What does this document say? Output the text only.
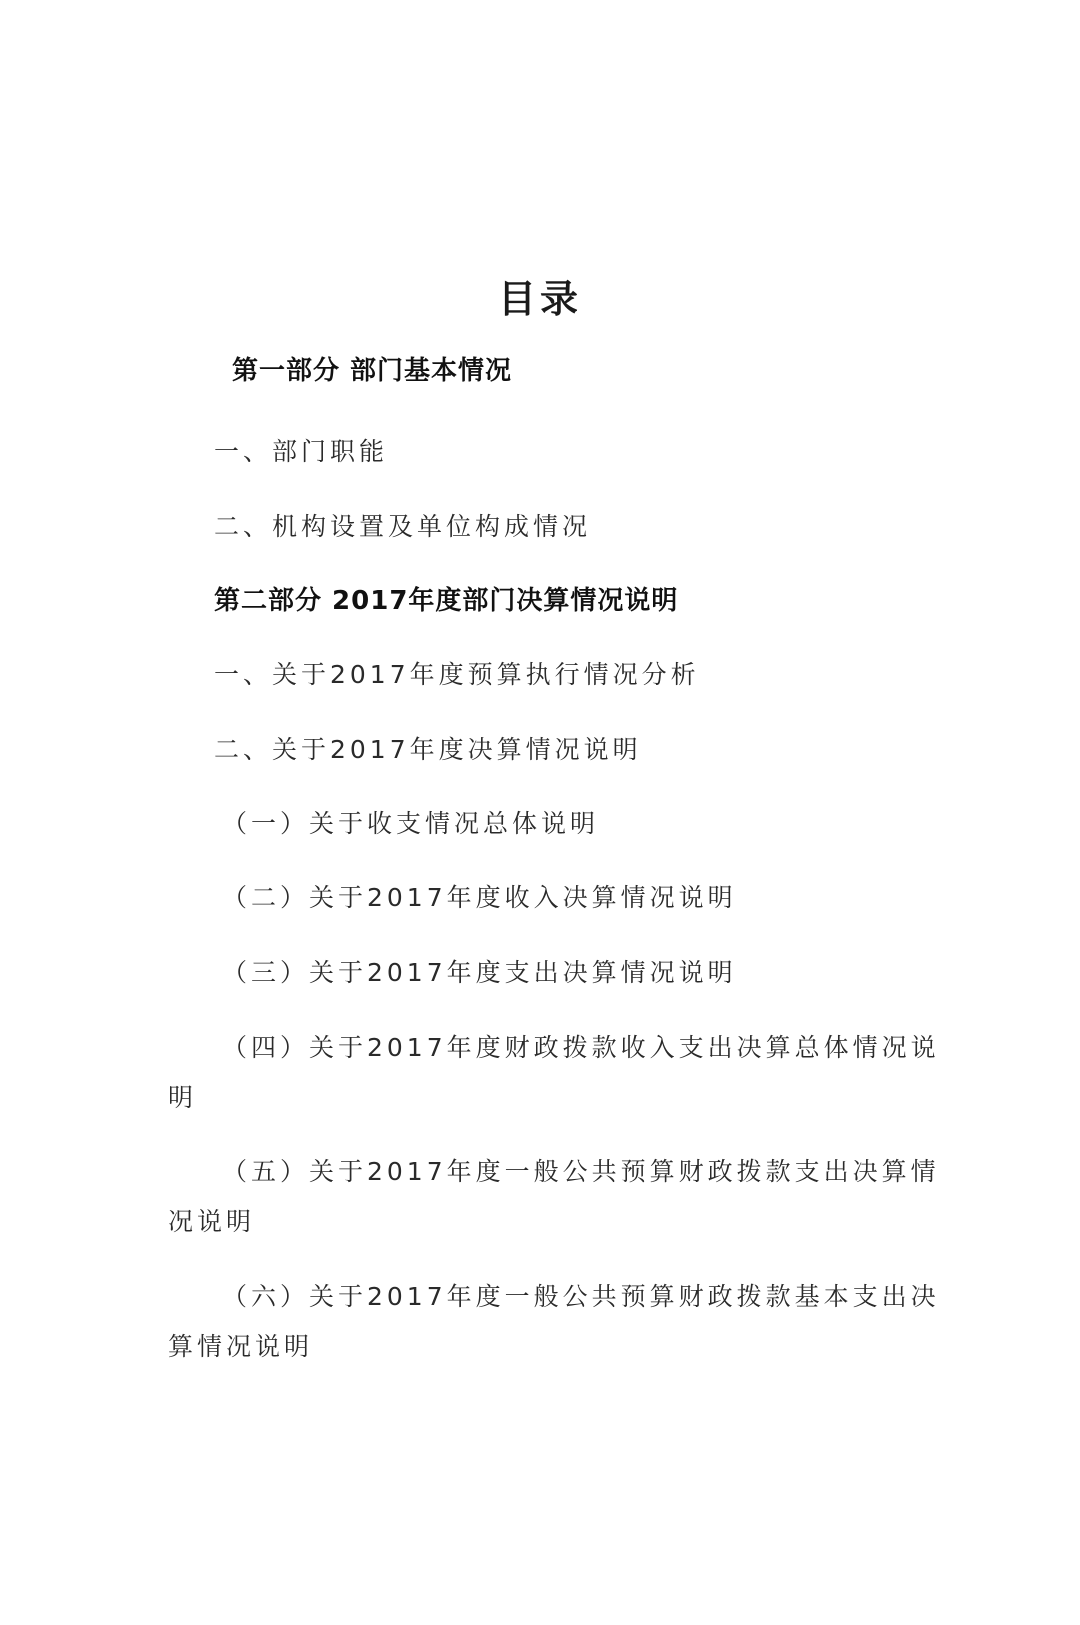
目录
第一部分 部门基本情况
一、部门职能
二、机构设置及单位构成情况
第二部分 2017年度部门决算情况说明
一、关于2017年度预算执行情况分析
二、关于2017年度决算情况说明
（一）关于收支情况总体说明
（二）关于2017年度收入决算情况说明
（三）关于2017年度支出决算情况说明
（四）关于2017年度财政拨款收入支出决算总体情况说
明
（五）关于2017年度一般公共预算财政拨款支出决算情
况说明
（六）关于2017年度一般公共预算财政拨款基本支出决
算情况说明
